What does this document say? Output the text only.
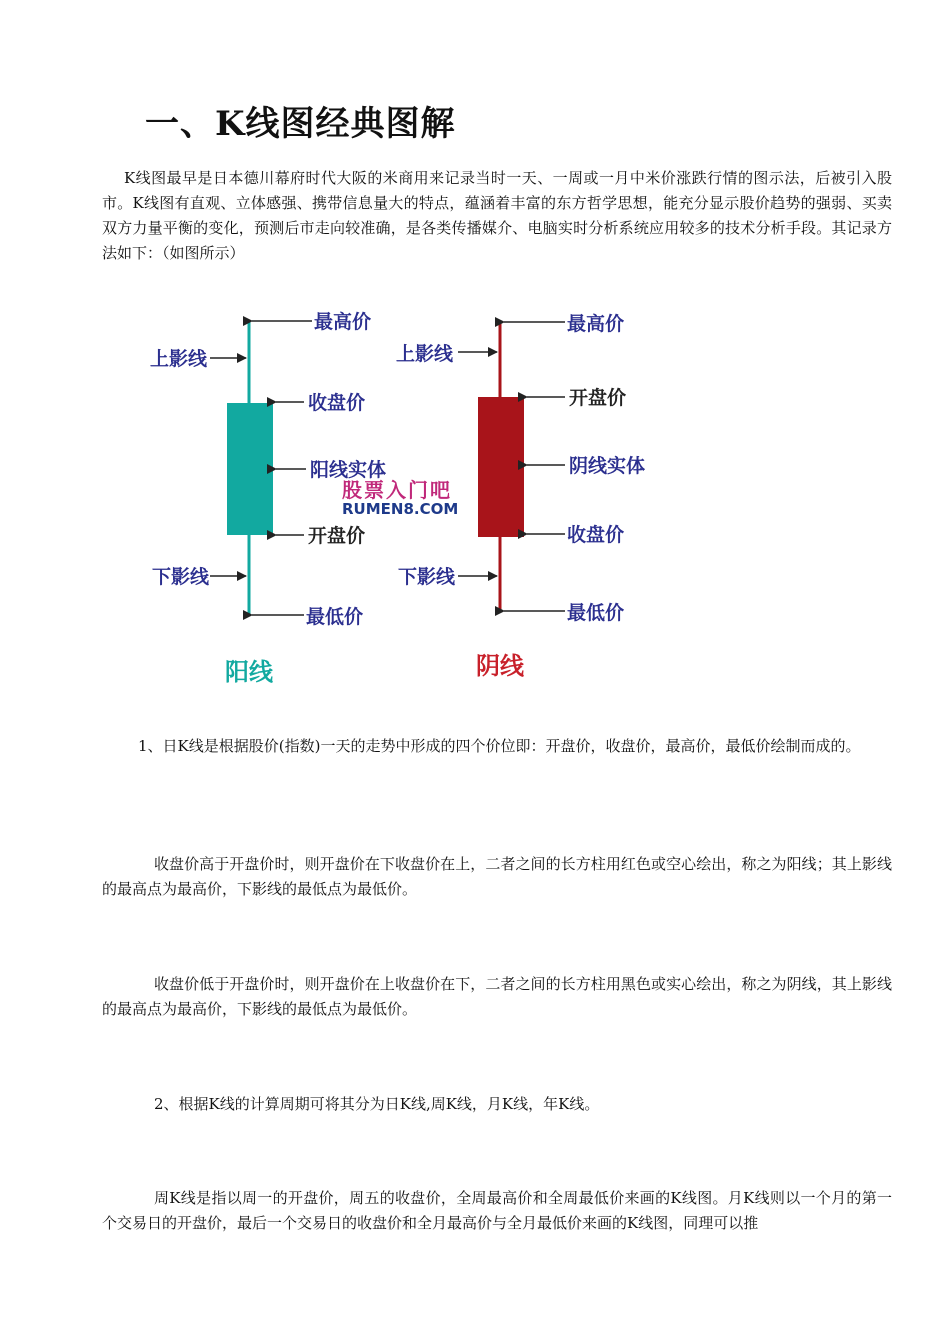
一、K线图经典图解

K线图最早是日本德川幕府时代大阪的米商用来记录当时一天、一周或一月中米价涨跌行情的图示法，后被引入股市。K线图有直观、立体感强、携带信息量大的特点，蕴涵着丰富的东方哲学思想，能充分显示股价趋势的强弱、买卖双方力量平衡的变化，预测后市走向较准确，是各类传播媒介、电脑实时分析系统应用较多的技术分析手段。其记录方法如下：（如图所示）

最高价
上影线
收盘价
阳线实体
开盘价
下影线
最低价
阳线
股票入门吧
RUMEN8.COM
最高价
上影线
开盘价
阴线实体
收盘价
下影线
最低价
阴线

1、日K线是根据股价(指数)一天的走势中形成的四个价位即：开盘价，收盘价，最高价，最低价绘制而成的。

收盘价高于开盘价时，则开盘价在下收盘价在上，二者之间的长方柱用红色或空心绘出，称之为阳线；其上影线的最高点为最高价，下影线的最低点为最低价。

收盘价低于开盘价时，则开盘价在上收盘价在下，二者之间的长方柱用黑色或实心绘出，称之为阴线，其上影线的最高点为最高价，下影线的最低点为最低价。

2、根据K线的计算周期可将其分为日K线,周K线，月K线，年K线。

周K线是指以周一的开盘价，周五的收盘价，全周最高价和全周最低价来画的K线图。月K线则以一个月的第一个交易日的开盘价，最后一个交易日的收盘价和全月最高价与全月最低价来画的K线图，同理可以推
